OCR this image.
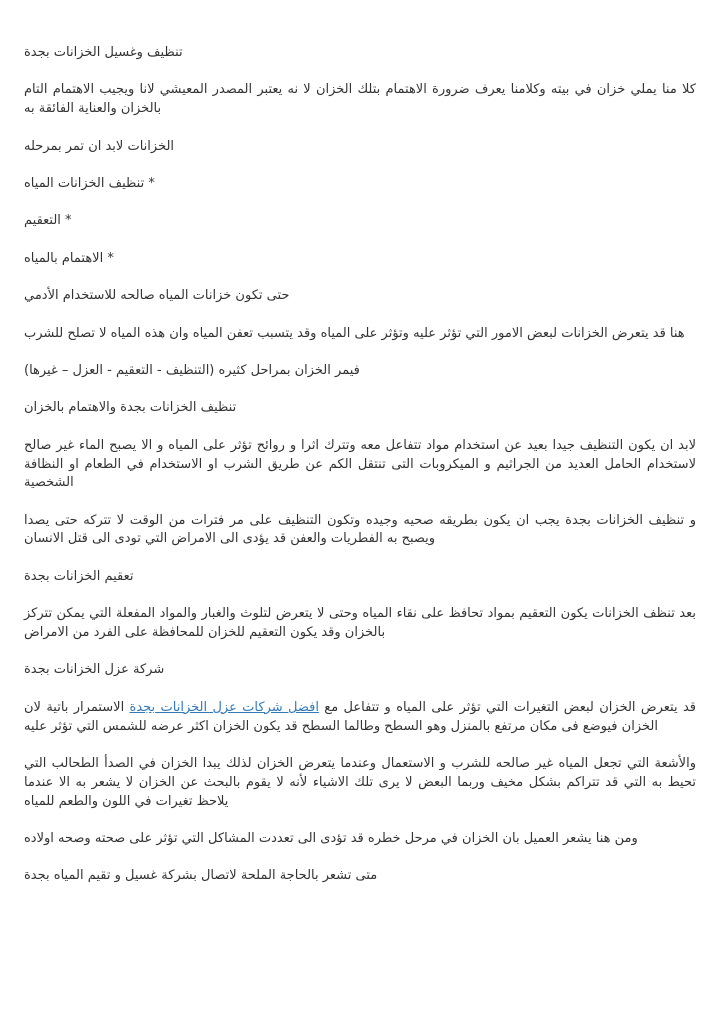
تنظيف وغسيل الخزانات بجدة

كلا منا يملي خزان في بيته وكلامنا يعرف ضرورة الاهتمام بتلك الخزان لا نه يعتبر المصدر المعيشي لانا ويجيب الاهتمام التام بالخزان والعناية الفائقة به

الخزانات لابد ان تمر بمرحله

* تنظيف الخزانات المياه

* التعقيم

* الاهتمام بالمياه

حتى تكون خزانات المياه صالحه للاستخدام الأدمي

هنا قد يتعرض الخزانات لبعض الامور التي تؤثر عليه وتؤثر على المياه وقد يتسبب تعفن المياه وان هذه المياه لا تصلح للشرب

فيمر الخزان بمراحل كثيره (التنظيف - التعقيم - العزل – غيرها)

تنظيف الخزانات بجدة والاهتمام بالخزان

لابد ان يكون التنظيف جيدا بعيد عن استخدام مواد تتفاعل معه وتترك اثرا و روائح تؤثر على المياه و الا يصبح الماء غير صالح لاستخدام الحامل العديد من الجراثيم و الميكروبات التى تنتقل الكم عن طريق الشرب او الاستخدام في الطعام او النظافة الشخصية

و تنظيف الخزانات بجدة يجب ان يكون بطريقه صحيه وجيده وتكون التنظيف على مر فترات من الوقت لا تتركه حتى يصدا ويصبح به الفطريات والعفن قد يؤدى الى الامراض التي تودى الى قتل الانسان

تعقيم الخزانات بجدة

بعد تنظف الخزانات يكون التعقيم بمواد تحافظ على نقاء المياه وحتى لا يتعرض لتلوث والغبار والمواد المفعلة التي يمكن تتركز بالخزان وقد يكون التعقيم للخزان للمحافظة على الفرد من الامراض

شركة عزل الخزانات بجدة

قد يتعرض الخزان لبعض التغيرات التي تؤثر على المياه و تتفاعل مع افضل شركات عزل الخزانات بجدة الاستمرار باتية لان الخزان فيوضع فى مكان مرتفع بالمنزل وهو السطح وطالما السطح قد يكون الخزان اكثر عرضه للشمس التي تؤثر عليه

والأشعة التي تجعل المياه غير صالحه للشرب و الاستعمال وعندما يتعرض الخزان لذلك يبدا الخزان في الصدأ الطحالب التي تحيط به التي قد تتراكم بشكل مخيف وربما البعض لا يرى تلك الاشياء لأنه لا يقوم بالبحث عن الخزان لا يشعر به الا عندما يلاحظ تغيرات في اللون والطعم للمياه

ومن هنا يشعر العميل بان الخزان في مرحل خطره قد تؤدى الى تعددت المشاكل التي تؤثر على صحته وصحه اولاده

متى تشعر بالحاجة الملحة لاتصال بشركة غسيل و تقيم المياه بجدة
